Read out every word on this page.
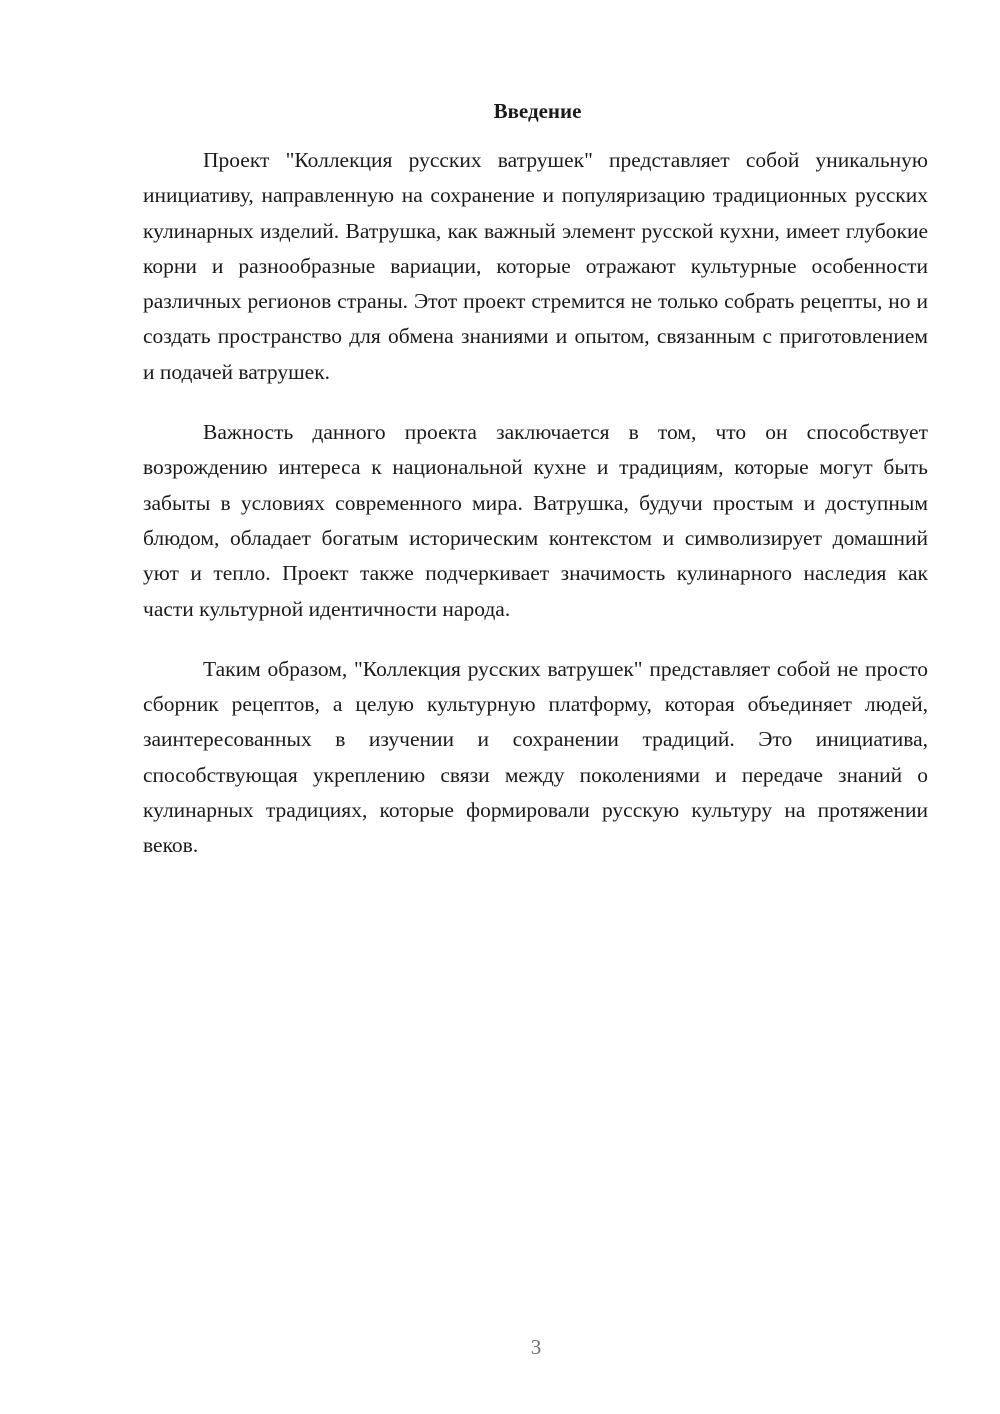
Введение

Проект "Коллекция русских ватрушек" представляет собой уникальную инициативу, направленную на сохранение и популяризацию традиционных русских кулинарных изделий. Ватрушка, как важный элемент русской кухни, имеет глубокие корни и разнообразные вариации, которые отражают культурные особенности различных регионов страны. Этот проект стремится не только собрать рецепты, но и создать пространство для обмена знаниями и опытом, связанным с приготовлением и подачей ватрушек.

Важность данного проекта заключается в том, что он способствует возрождению интереса к национальной кухне и традициям, которые могут быть забыты в условиях современного мира. Ватрушка, будучи простым и доступным блюдом, обладает богатым историческим контекстом и символизирует домашний уют и тепло. Проект также подчеркивает значимость кулинарного наследия как части культурной идентичности народа.

Таким образом, "Коллекция русских ватрушек" представляет собой не просто сборник рецептов, а целую культурную платформу, которая объединяет людей, заинтересованных в изучении и сохранении традиций. Это инициатива, способствующая укреплению связи между поколениями и передаче знаний о кулинарных традициях, которые формировали русскую культуру на протяжении веков.

3
